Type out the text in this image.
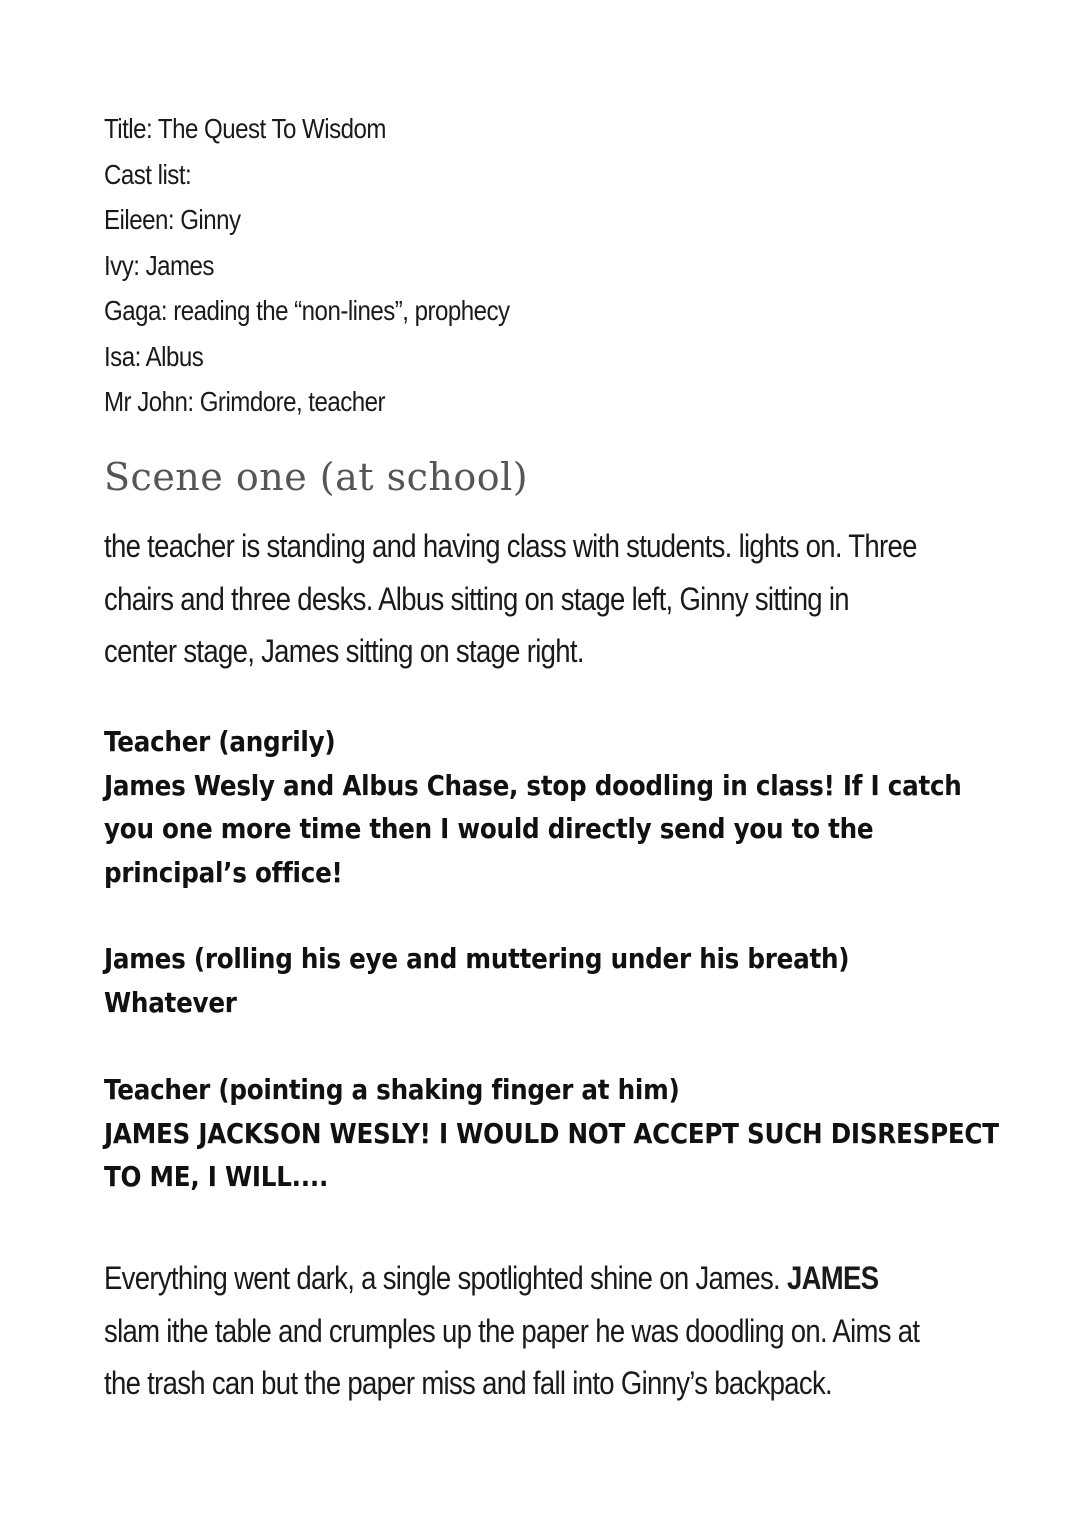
Title: The Quest To Wisdom
Cast list:
Eileen: Ginny
Ivy: James
Gaga: reading the “non-lines”, prophecy
Isa: Albus
Mr John: Grimdore, teacher
Scene one (at school)
the teacher is standing and having class with students. lights on. Three
chairs and three desks. Albus sitting on stage left, Ginny sitting in
center stage, James sitting on stage right.
Teacher (angrily)
James Wesly and Albus Chase, stop doodling in class! If I catch
you one more time then I would directly send you to the
principal’s office!
James (rolling his eye and muttering under his breath)
Whatever
Teacher (pointing a shaking finger at him)
JAMES JACKSON WESLY! I WOULD NOT ACCEPT SUCH DISRESPECT
TO ME, I WILL....
Everything went dark, a single spotlighted shine on James. JAMES
slam ithe table and crumples up the paper he was doodling on. Aims at
the trash can but the paper miss and fall into Ginny’s backpack.
